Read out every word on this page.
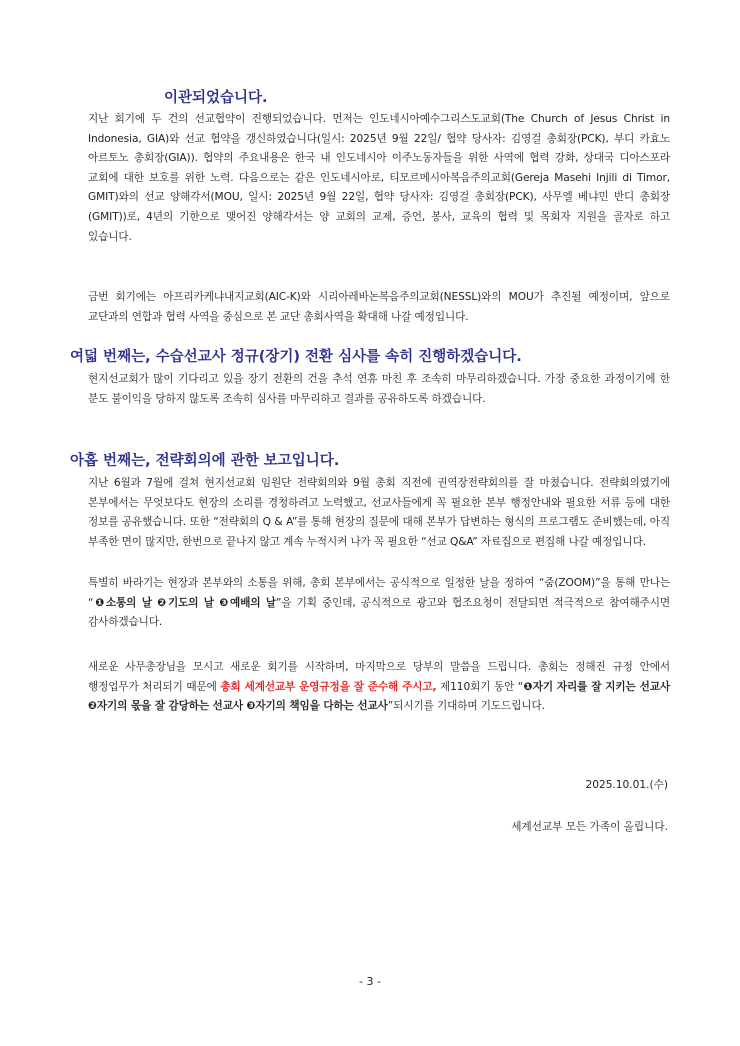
이관되었습니다.
지난 회기에 두 건의 선교협약이 진행되었습니다. 먼저는 인도네시아예수그리스도교회(The Church of Jesus Christ in Indonesia, GIA)와 선교 협약을 갱신하였습니다(일시: 2025년 9월 22일/ 협약 당사자: 김영걸 총회장(PCK), 부디 카효노 아르토노 총회장(GIA)). 협약의 주요내용은 한국 내 인도네시아 이주노동자들을 위한 사역에 협력 강화, 상대국 디아스포라 교회에 대한 보호를 위한 노력. 다음으로는 같은 인도네시아로, 티모르메시아복음주의교회(Gereja Masehi Injili di Timor, GMIT)와의 선교 양해각서(MOU, 일시: 2025년 9월 22일, 협약 당사자: 김영걸 총회장(PCK), 사무엘 베냐민 반디 총회장(GMIT))로, 4년의 기한으로 맺어진 양해각서는 양 교회의 교제, 증언, 봉사, 교육의 협력 및 목회자 지원을 골자로 하고 있습니다.
금번 회기에는 아프리카케냐내지교회(AIC-K)와 시리아레바논복음주의교회(NESSL)와의 MOU가 추진될 예정이며, 앞으로 교단과의 연합과 협력 사역을 중심으로 본 교단 총회사역을 확대해 나갈 예정입니다.
여덟 번째는, 수습선교사 정규(장기) 전환 심사를 속히 진행하겠습니다.
현지선교회가 많이 기다리고 있을 장기 전환의 건을 추석 연휴 마친 후 조속히 마무리하겠습니다. 가장 중요한 과정이기에 한 분도 불이익을 당하지 않도록 조속히 심사를 마무리하고 결과를 공유하도록 하겠습니다.
아홉 번째는, 전략회의에 관한 보고입니다.
지난 6월과 7월에 걸쳐 현지선교회 임원단 전략회의와 9월 총회 직전에 권역장전략회의를 잘 마쳤습니다. 전략회의였기에 본부에서는 무엇보다도 현장의 소리를 경청하려고 노력했고, 선교사들에게 꼭 필요한 본부 행정안내와 필요한 서류 등에 대한 정보를 공유했습니다. 또한 “전략회의 Q & A”를 통해 현장의 질문에 대해 본부가 답변하는 형식의 프로그램도 준비했는데, 아직 부족한 면이 많지만, 한번으로 끝나지 않고 계속 누적시켜 나가 꼭 필요한 “선교 Q&A” 자료집으로 편집해 나갈 예정입니다.
특별히 바라기는 현장과 본부와의 소통을 위해, 총회 본부에서는 공식적으로 일정한 날을 정하여 “줌(ZOOM)”을 통해 만나는 “❶소통의 날 ❷기도의 날 ❸예배의 날”을 기획 중인데, 공식적으로 광고와 협조요청이 전달되면 적극적으로 참여해주시면 감사하겠습니다.
새로운 사무총장님을 모시고 새로운 회기를 시작하며, 마지막으로 당부의 말씀을 드립니다. 총회는 정해진 규정 안에서 행정업무가 처리되기 때문에 총회 세계선교부 운영규정을 잘 준수해 주시고, 제110회기 동안 “❶자기 자리를 잘 지키는 선교사 ❷자기의 몫을 잘 감당하는 선교사 ❸자기의 책임을 다하는 선교사”되시기를 기대하며 기도드립니다.
2025.10.01.(수)
세계선교부 모든 가족이 올립니다.
- 3 -
